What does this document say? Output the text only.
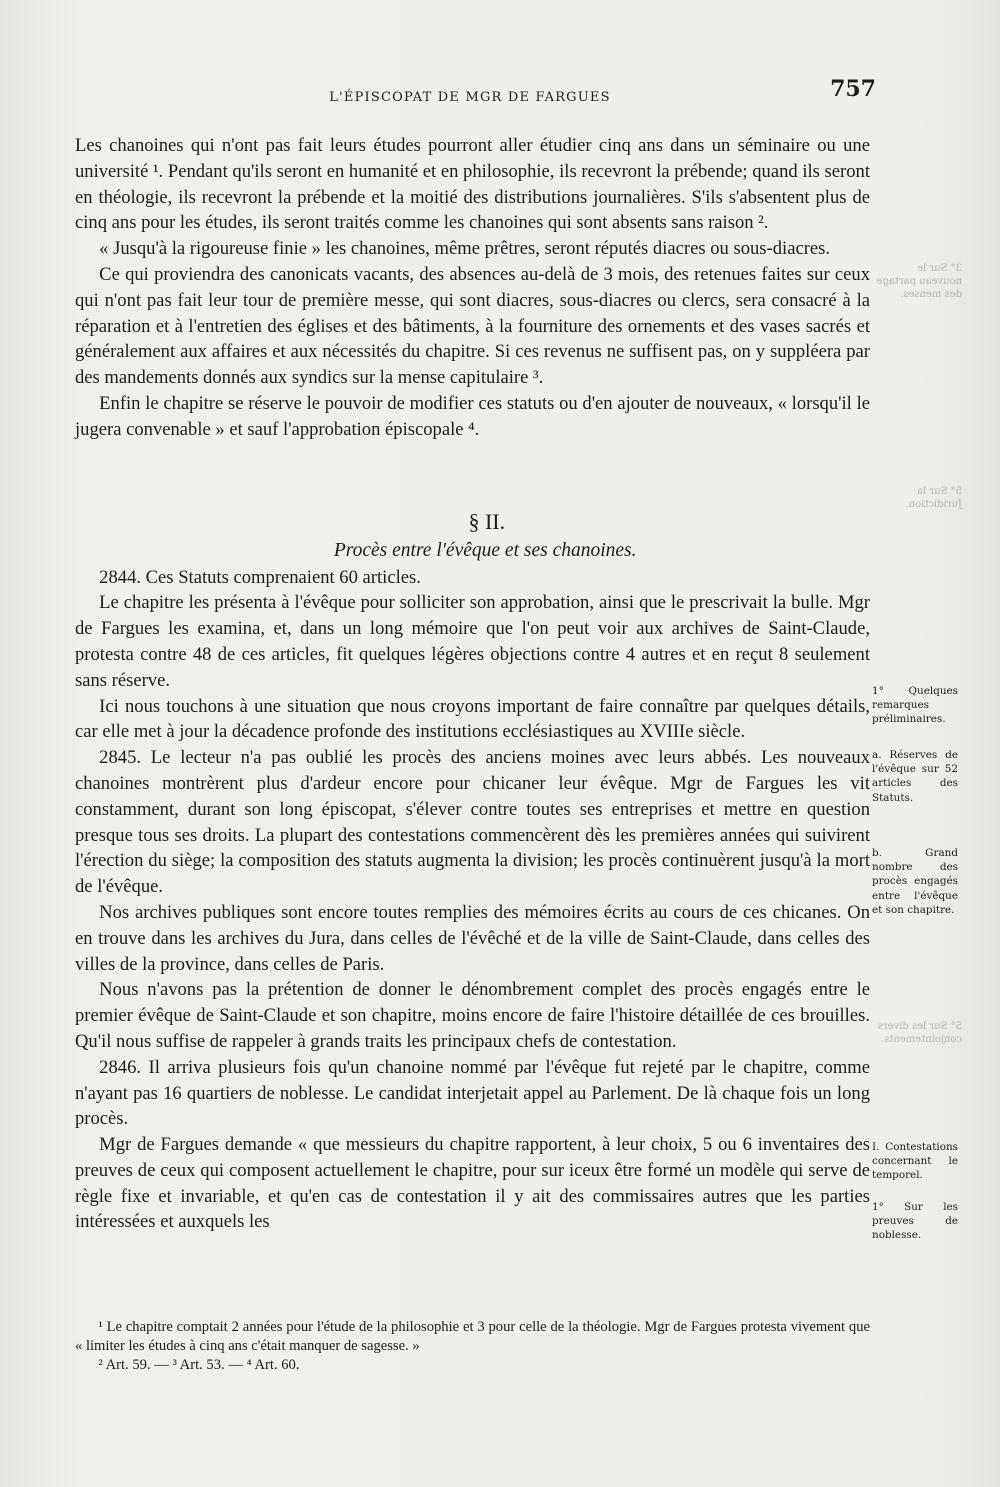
L'ÉPISCOPAT DE MGR DE FARGUES	757
3° Sur le nouveau partage des menses.
5° Sur la Juridiction.
5° Sur les divers conjointements.

Les chanoines qui n'ont pas fait leurs études pourront aller étudier cinq ans dans un séminaire ou une université ¹. Pendant qu'ils seront en humanité et en philosophie, ils recevront la prébende; quand ils seront en théologie, ils recevront la prébende et la moitié des distributions journalières. S'ils s'absentent plus de cinq ans pour les études, ils seront traités comme les chanoines qui sont absents sans raison ².

« Jusqu'à la rigoureuse finie » les chanoines, même prêtres, seront réputés diacres ou sous-diacres.

Ce qui proviendra des canonicats vacants, des absences au-delà de 3 mois, des retenues faites sur ceux qui n'ont pas fait leur tour de première messe, qui sont diacres, sous-diacres ou clercs, sera consacré à la réparation et à l'entretien des églises et des bâtiments, à la fourniture des ornements et des vases sacrés et généralement aux affaires et aux nécessités du chapitre. Si ces revenus ne suffisent pas, on y suppléera par des mandements donnés aux syndics sur la mense capitulaire ³.

Enfin le chapitre se réserve le pouvoir de modifier ces statuts ou d'en ajouter de nouveaux, « lorsqu'il le jugera convenable » et sauf l'approbation épiscopale ⁴.

§ II.

Procès entre l'évêque et ses chanoines.

2844. Ces Statuts comprenaient 60 articles.

Le chapitre les présenta à l'évêque pour solliciter son approbation, ainsi que le prescrivait la bulle. Mgr de Fargues les examina, et, dans un long mémoire que l'on peut voir aux archives de Saint-Claude, protesta contre 48 de ces articles, fit quelques légères objections contre 4 autres et en reçut 8 seulement sans réserve.

Ici nous touchons à une situation que nous croyons important de faire connaître par quelques détails, car elle met à jour la décadence profonde des institutions ecclésiastiques au XVIIIe siècle.

2845. Le lecteur n'a pas oublié les procès des anciens moines avec leurs abbés. Les nouveaux chanoines montrèrent plus d'ardeur encore pour chicaner leur évêque. Mgr de Fargues les vit constamment, durant son long épiscopat, s'élever contre toutes ses entreprises et mettre en question presque tous ses droits. La plupart des contestations commencèrent dès les premières années qui suivirent l'érection du siège; la composition des statuts augmenta la division; les procès continuèrent jusqu'à la mort de l'évêque.

Nos archives publiques sont encore toutes remplies des mémoires écrits au cours de ces chicanes. On en trouve dans les archives du Jura, dans celles de l'évêché et de la ville de Saint-Claude, dans celles des villes de la province, dans celles de Paris.

Nous n'avons pas la prétention de donner le dénombrement complet des procès engagés entre le premier évêque de Saint-Claude et son chapitre, moins encore de faire l'histoire détaillée de ces brouilles. Qu'il nous suffise de rappeler à grands traits les principaux chefs de contestation.

2846. Il arriva plusieurs fois qu'un chanoine nommé par l'évêque fut rejeté par le chapitre, comme n'ayant pas 16 quartiers de noblesse. Le candidat interjetait appel au Parlement. De là chaque fois un long procès.

Mgr de Fargues demande « que messieurs du chapitre rapportent, à leur choix, 5 ou 6 inventaires des preuves de ceux qui composent actuellement le chapitre, pour sur iceux être formé un modèle qui serve de règle fixe et invariable, et qu'en cas de contestation il y ait des commissaires autres que les parties intéressées et auxquels les

1° Quelques remarques préliminaires.

a. Réserves de l'évêque sur 52 articles des Statuts.

b. Grand nombre des procès engagés entre l'évêque et son chapitre.

I. Contestations concernant le temporel.

1° Sur les preuves de noblesse.

¹ Le chapitre comptait 2 années pour l'étude de la philosophie et 3 pour celle de la théologie. Mgr de Fargues protesta vivement que « limiter les études à cinq ans c'était manquer de sagesse. »

² Art. 59. — ³ Art. 53. — ⁴ Art. 60.
